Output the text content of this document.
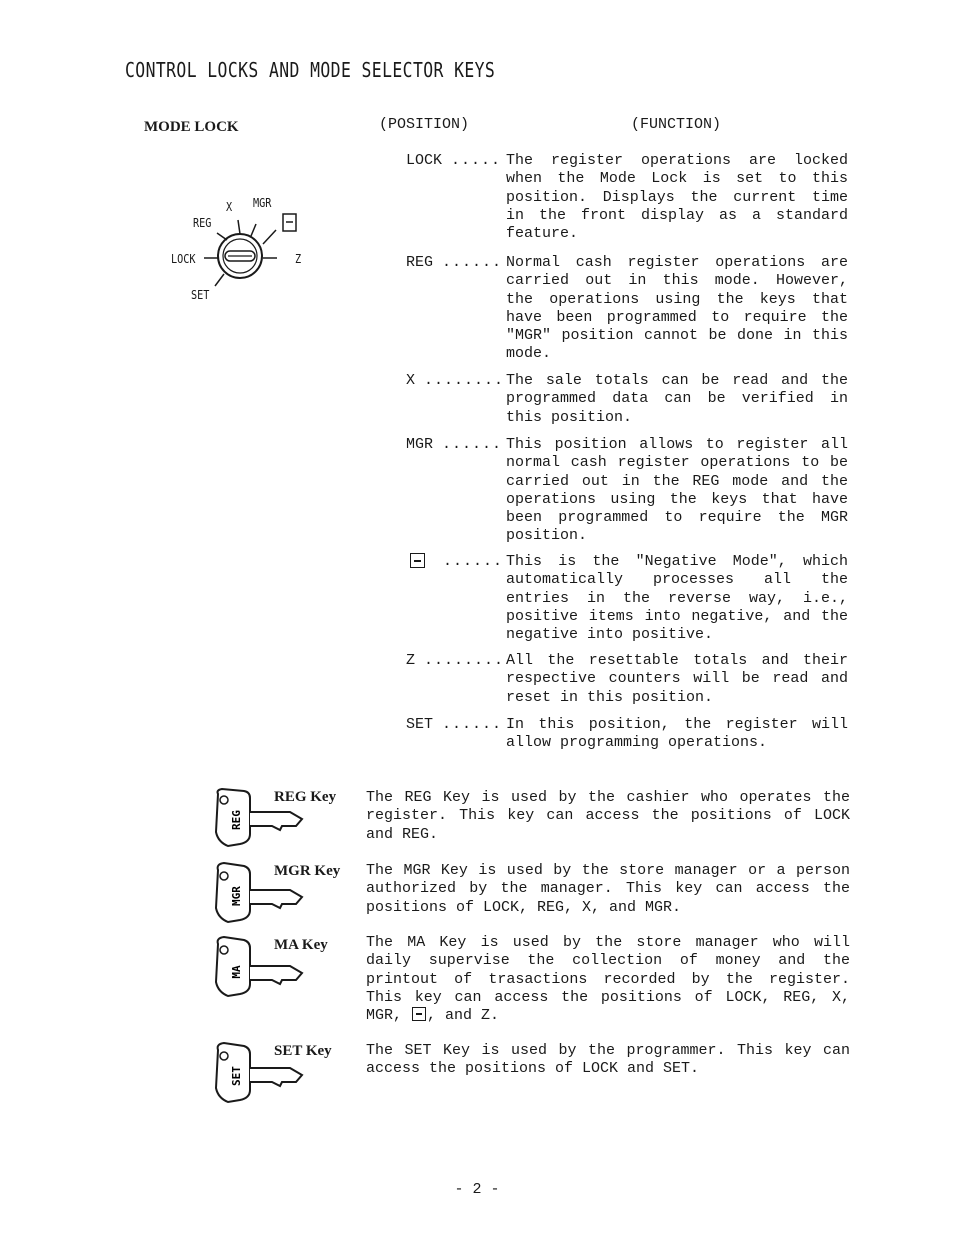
CONTROL LOCKS AND MODE SELECTOR KEYS
MODE LOCK	(POSITION)	(FUNCTION)
X MGR
REG
LOCK	Z
SET
LOCK ..... The register operations are locked when the Mode Lock is set to this position. Displays the current time in the front display as a standard feature.
REG ...... Normal cash register operations are carried out in this mode. However, the operations using the keys that have been programmed to require the "MGR" position cannot be done in this mode.
X ........ The sale totals can be read and the programmed data can be verified in this position.
MGR ...... This position allows to register all normal cash register operations to be carried out in the REG mode and the operations using the keys that have been programmed to require the MGR position.
...... This is the "Negative Mode", which automatically processes all the entries in the reverse way, i.e., positive items into negative, and the negative into positive.
Z ........ All the resettable totals and their respective counters will be read and reset in this position.
SET ...... In this position, the register will allow programming operations.
REG
REG Key The REG Key is used by the cashier who operates the register. This key can access the positions of LOCK and REG.
MGR
MGR Key The MGR Key is used by the store manager or a person authorized by the manager. This key can access the positions of LOCK, REG, X, and MGR.
MA
MA Key	The MA Key is used by the store manager who will daily supervise the collection of money and the printout of trasactions recorded by the register. This key can access the positions of LOCK, REG, X, MGR, , and Z.
SET
SET Key The SET Key is used by the programmer. This key can access the positions of LOCK and SET.
- 2 -
